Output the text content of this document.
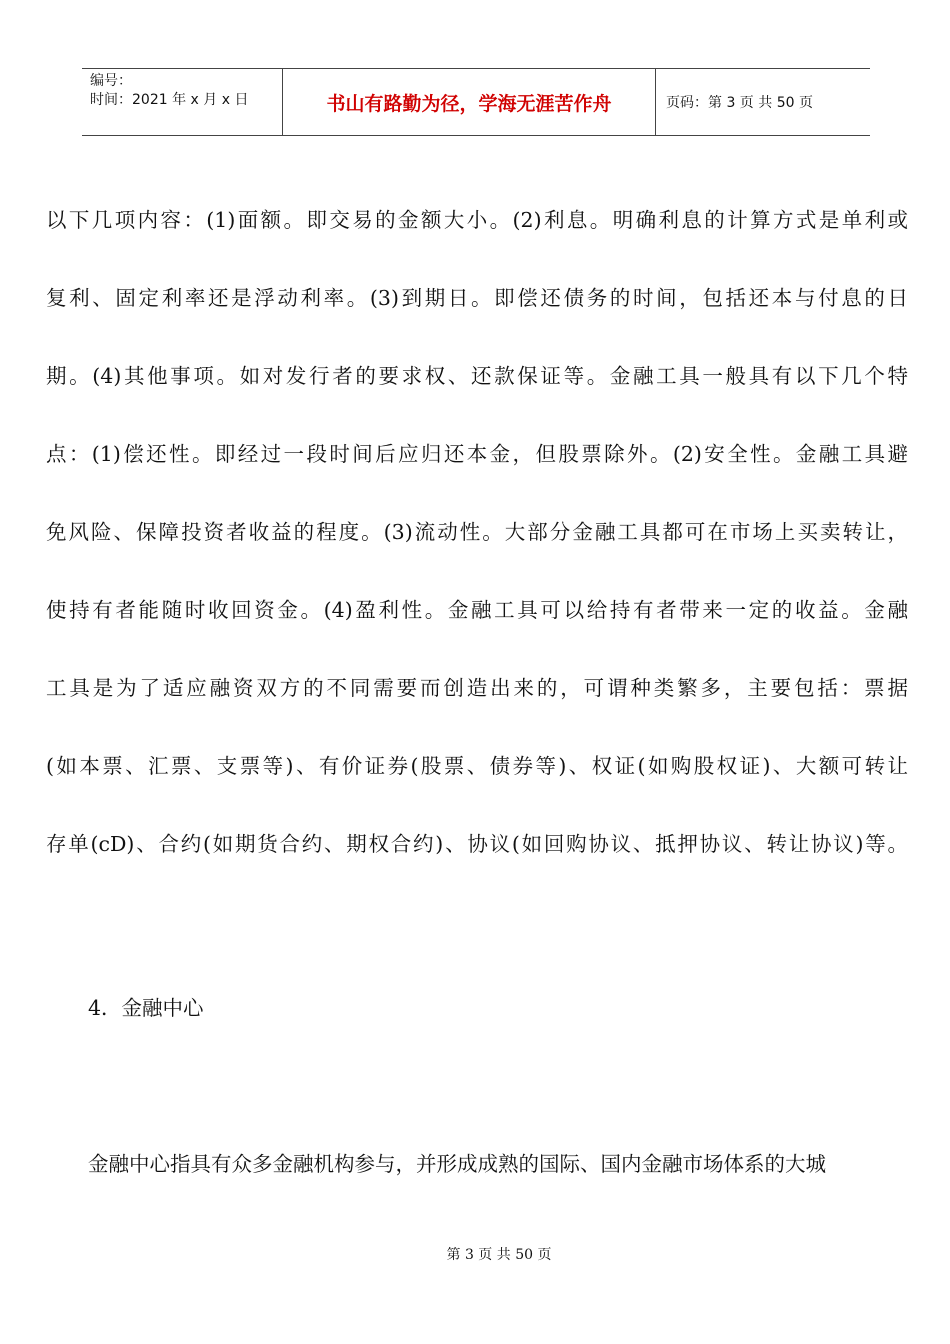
编号：
时间：2021 年 x 月 x 日	书山有路勤为径，学海无涯苦作舟	页码：第 3 页 共 50 页
以下几项内容：(1)面额。即交易的金额大小。(2)利息。明确利息的计算方式是单利或
复利、固定利率还是浮动利率。(3)到期日。即偿还债务的时间，包括还本与付息的日
期。(4)其他事项。如对发行者的要求权、还款保证等。金融工具一般具有以下几个特
点：(1)偿还性。即经过一段时间后应归还本金，但股票除外。(2)安全性。金融工具避
免风险、保障投资者收益的程度。(3)流动性。大部分金融工具都可在市场上买卖转让，
使持有者能随时收回资金。(4)盈利性。金融工具可以给持有者带来一定的收益。金融
工具是为了适应融资双方的不同需要而创造出来的，可谓种类繁多，主要包括：票据
(如本票、汇票、支票等)、有价证券(股票、债券等)、权证(如购股权证)、大额可转让
存单(cD)、合约(如期货合约、期权合约)、协议(如回购协议、抵押协议、转让协议)等。
4．金融中心
金融中心指具有众多金融机构参与，并形成成熟的国际、国内金融市场体系的大城
第 3 页 共 50 页
